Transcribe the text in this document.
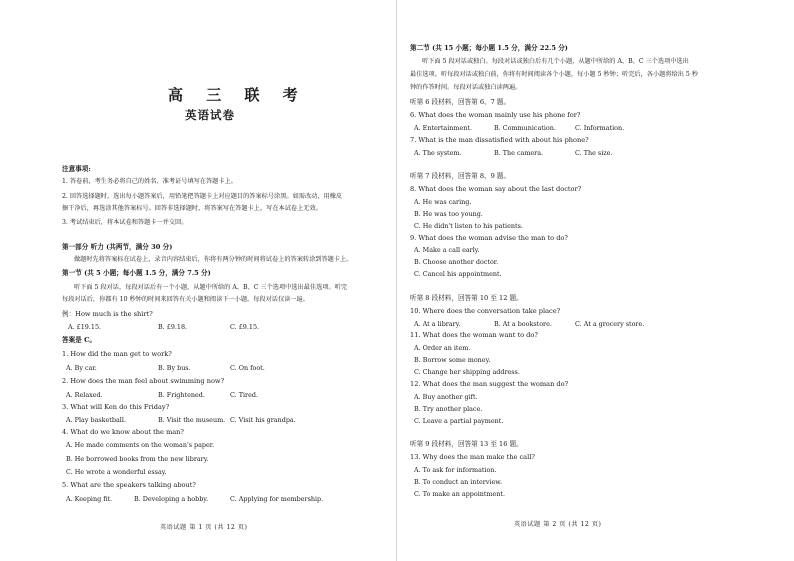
高 三 联 考
英语试卷
注意事项:
1. 答卷前，考生务必将自己的姓名、准考证号填写在答题卡上。
2. 回答选择题时，选出每小题答案后，用铅笔把答题卡上对应题目的答案标号涂黑。如需改动，用橡皮
擦干净后，再选涂其他答案标号。回答非选择题时，将答案写在答题卡上，写在本试卷上无效。
3. 考试结束后，将本试卷和答题卡一并交回。
第一部分 听力 (共两节，满分 30 分)
做题时先将答案标在试卷上，录音内容结束后，你将有两分钟的时间将试卷上的答案转涂到答题卡上。
第一节 (共 5 小题；每小题 1.5 分，满分 7.5 分)
听下面 5 段对话，每段对话后有一个小题，从题中所给的 A、B、C 三个选项中选出最佳选项。听完
每段对话后，你都有 10 秒钟的时间来回答有关小题和阅读下一小题。每段对话仅读一遍。
例：How much is the shirt?
A. £19.15.	B. £9.18.	C. £9.15.
答案是 C。
1. How did the man get to work?
A. By car.	B. By bus.	C. On foot.
2. How does the man feel about swimming now?
A. Relaxed.	B. Frightened.	C. Tired.
3. What will Ken do this Friday?
A. Play basketball.	B. Visit the museum. C. Visit his grandpa.
4. What do we know about the man?
A. He made comments on the woman's paper.
B. He borrowed books from the new library.
C. He wrote a wonderful essay.
5. What are the speakers talking about?
A. Keeping fit.	B. Developing a hobby.	C. Applying for membership.
英语试题 第 1 页 (共 12 页)
第二节 (共 15 小题；每小题 1.5 分，满分 22.5 分)
听下面 5 段对话或独白。每段对话或独白后有几个小题，从题中所给的 A、B、C 三个选项中选出
最佳选项。听每段对话或独白前，你将有时间阅读各个小题，每小题 5 秒钟；听完后，各小题将给出 5 秒
钟的作答时间。每段对话或独白读两遍。
听第 6 段材料，回答第 6、7 题。
6. What does the woman mainly use his phone for?
A. Entertainment.	B. Communication.	C. Information.
7. What is the man dissatisfied with about his phone?
A. The system.	B. The camera.	C. The size.
听第 7 段材料，回答第 8、9 题。
8. What does the woman say about the last doctor?
A. He was caring.
B. He was too young.
C. He didn't listen to his patients.
9. What does the woman advise the man to do?
A. Make a call early.
B. Choose another doctor.
C. Cancel his appointment.
听第 8 段材料，回答第 10 至 12 题。
10. Where does the conversation take place?
A. At a library.	B. At a bookstore.	C. At a grocery store.
11. What does the woman want to do?
A. Order an item.
B. Borrow some money.
C. Change her shipping address.
12. What does the man suggest the woman do?
A. Buy another gift.
B. Try another place.
C. Leave a partial payment.
听第 9 段材料，回答第 13 至 16 题。
13. Why does the man make the call?
A. To ask for information.
B. To conduct an interview.
C. To make an appointment.
英语试题 第 2 页 (共 12 页)
